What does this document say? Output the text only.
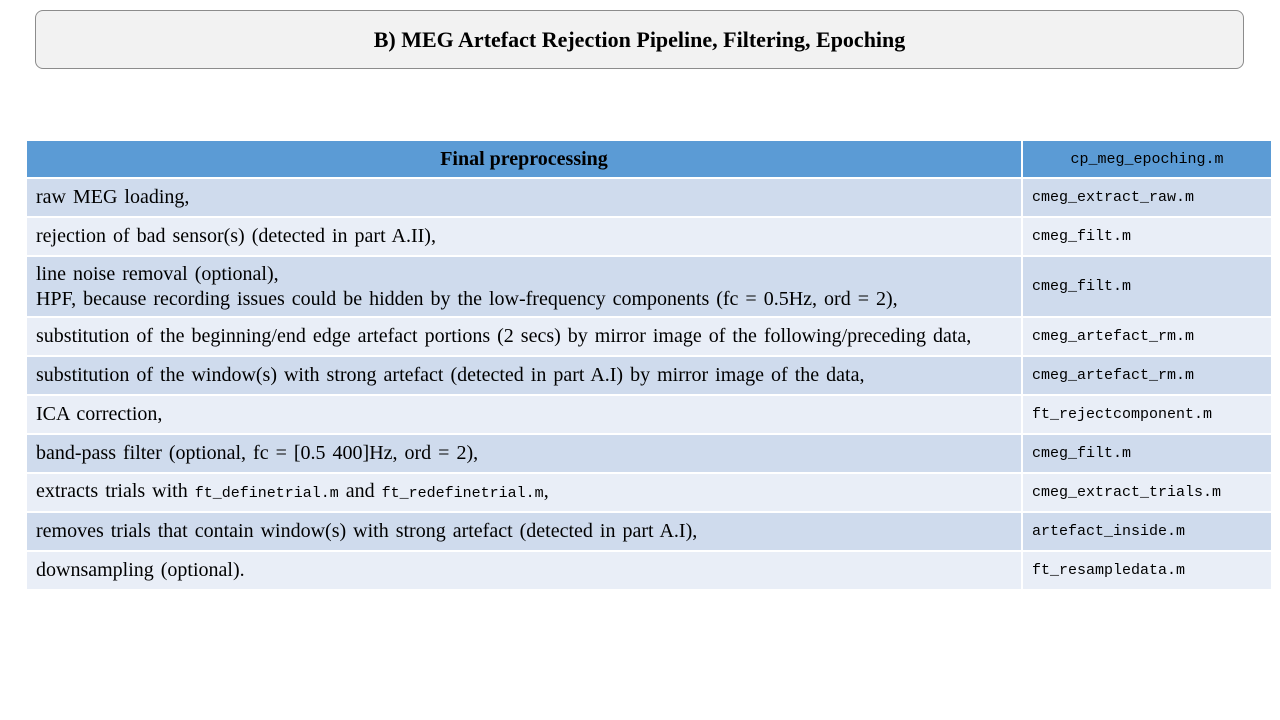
B) MEG Artefact Rejection Pipeline, Filtering, Epoching
Final preprocessing	cp_meg_epoching.m
raw MEG loading,	cmeg_extract_raw.m
rejection of bad sensor(s) (detected in part A.II),	cmeg_filt.m

line noise removal (optional),
HPF, because recording issues could be hidden by the low-frequency components (fc = 0.5Hz, ord = 2),	cmeg_filt.m
substitution of the beginning/end edge artefact portions (2 secs) by mirror image of the following/preceding data,	cmeg_artefact_rm.m
substitution of the window(s) with strong artefact (detected in part A.I) by mirror image of the data,	cmeg_artefact_rm.m
ICA correction,	ft_rejectcomponent.m
band-pass filter (optional, fc = [0.5 400]Hz, ord = 2),	cmeg_filt.m
extracts trials with ft_definetrial.m and ft_redefinetrial.m,	cmeg_extract_trials.m
removes trials that contain window(s) with strong artefact (detected in part A.I),	artefact_inside.m
downsampling (optional).	ft_resampledata.m
